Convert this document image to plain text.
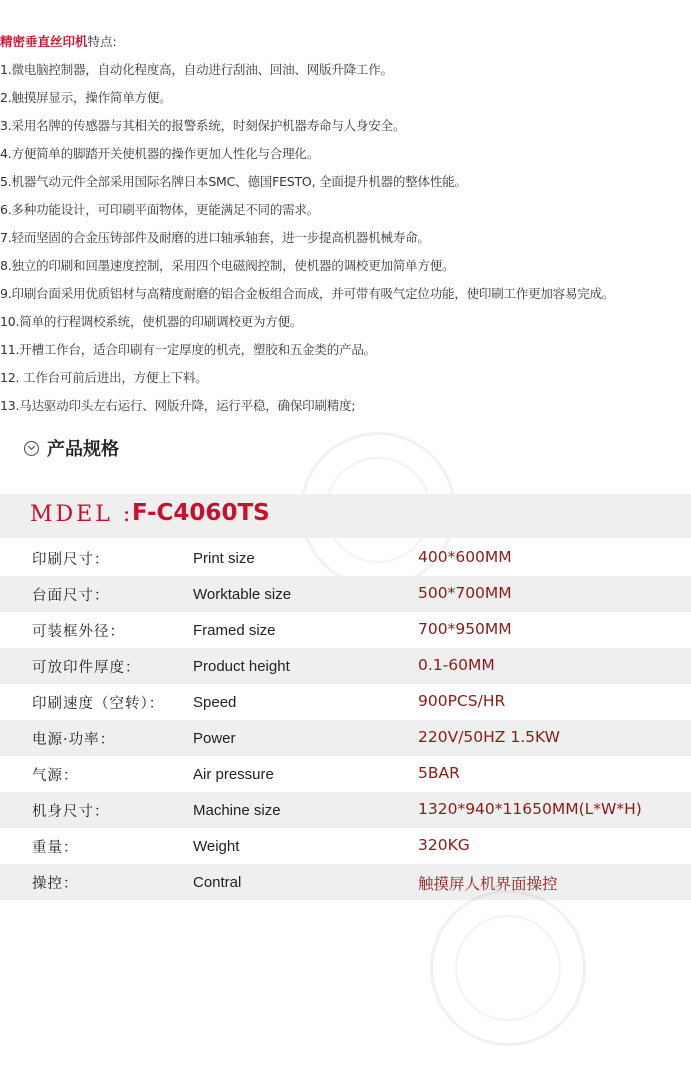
精密垂直丝印机特点:
1.微电脑控制器，自动化程度高，自动进行刮油、回油、网版升降工作。
2.触摸屏显示，操作简单方便。
3.采用名牌的传感器与其相关的报警系统，时刻保护机器寿命与人身安全。
4.方便简单的脚踏开关使机器的操作更加人性化与合理化。
5.机器气动元件全部采用国际名牌日本SMC、德国FESTO, 全面提升机器的整体性能。
6.多种功能设计，可印刷平面物体，更能满足不同的需求。
7.轻而坚固的合金压铸部件及耐磨的进口轴承轴套，进一步提高机器机械寿命。
8.独立的印刷和回墨速度控制，采用四个电磁阀控制，使机器的调校更加简单方便。
9.印刷台面采用优质铝材与高精度耐磨的铝合金板组合而成，并可带有吸气定位功能，使印刷工作更加容易完成。
10.简单的行程调校系统，使机器的印刷调校更为方便。
11.开槽工作台，适合印刷有一定厚度的机壳，塑胶和五金类的产品。
12. 工作台可前后进出，方便上下料。
13.马达驱动印头左右运行、网版升降，运行平稳，确保印刷精度;
产品规格
MDEL :
F-C4060TS
印刷尺寸：	Print size	400*600MM
台面尺寸：	Worktable size	500*700MM
可装框外径：	Framed size	700*950MM
可放印件厚度：	Product height	0.1-60MM
印刷速度（空转）： Speed	900PCS/HR
电源·功率：	Power	220V/50HZ 1.5KW
气源：	Air pressure	5BAR
机身尺寸：	Machine size	1320*940*11650MM(L*W*H)
重量：	Weight	320KG
操控：	Contral	触摸屏人机界面操控
